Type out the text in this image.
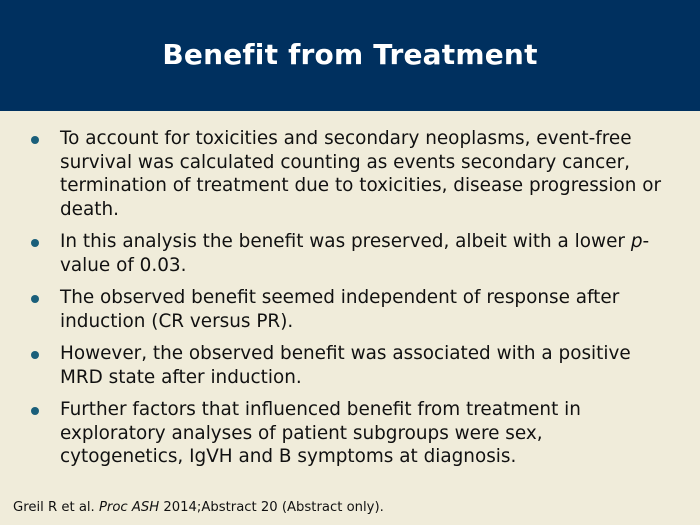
Benefit from Treatment
To account for toxicities and secondary neoplasms, event-free survival was calculated counting as events secondary cancer, termination of treatment due to toxicities, disease progression or death.
In this analysis the benefit was preserved, albeit with a lower p-value of 0.03.
The observed benefit seemed independent of response after induction (CR versus PR).
However, the observed benefit was associated with a positive MRD state after induction.
Further factors that influenced benefit from treatment in exploratory analyses of patient subgroups were sex, cytogenetics, IgVH and B symptoms at diagnosis.
Greil R et al. Proc ASH 2014;Abstract 20 (Abstract only).
